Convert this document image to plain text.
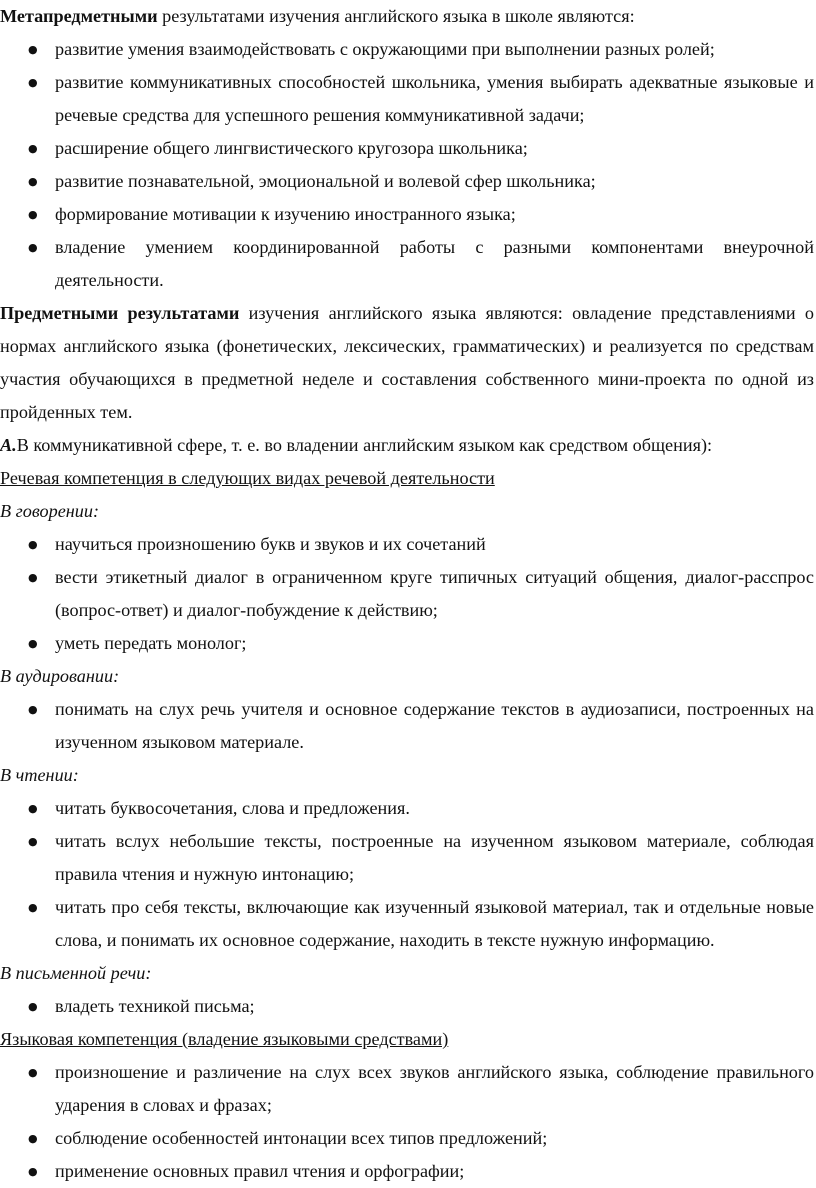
Метапредметными результатами изучения английского языка в школе являются:

● развитие умения взаимодействовать с окружающими при выполнении разных ролей;
● развитие коммуникативных способностей школьника, умения выбирать адекватные языковые и речевые средства для успешного решения коммуникативной задачи;
● расширение общего лингвистического кругозора школьника;
● развитие познавательной, эмоциональной и волевой сфер школьника;
● формирование мотивации к изучению иностранного языка;
● владение умением координированной работы с разными компонентами внеурочной деятельности.

Предметными результатами изучения английского языка являются: овладение представлениями о нормах английского языка (фонетических, лексических, грамматических) и реализуется по средствам участия обучающихся в предметной неделе и составления собственного мини-проекта по одной из пройденных тем.

А.В коммуникативной сфере, т. е. во владении английским языком как средством общения):

Речевая компетенция в следующих видах речевой деятельности

В говорении:

● научиться произношению букв и звуков и их сочетаний
● вести этикетный диалог в ограниченном круге типичных ситуаций общения, диалог-расспрос (вопрос-ответ) и диалог-побуждение к действию;
● уметь передать монолог;

В аудировании:

● понимать на слух речь учителя и основное содержание текстов в аудиозаписи, построенных на изученном языковом материале.

В чтении:

● читать буквосочетания, слова и предложения.
● читать вслух небольшие тексты, построенные на изученном языковом материале, соблюдая правила чтения и нужную интонацию;
● читать про себя тексты, включающие как изученный языковой материал, так и отдельные новые слова, и понимать их основное содержание, находить в тексте нужную информацию.

В письменной речи:

● владеть техникой письма;

Языковая компетенция (владение языковыми средствами)

● произношение и различение на слух всех звуков английского языка, соблюдение правильного ударения в словах и фразах;
● соблюдение особенностей интонации всех типов предложений;
● применение основных правил чтения и орфографии;
